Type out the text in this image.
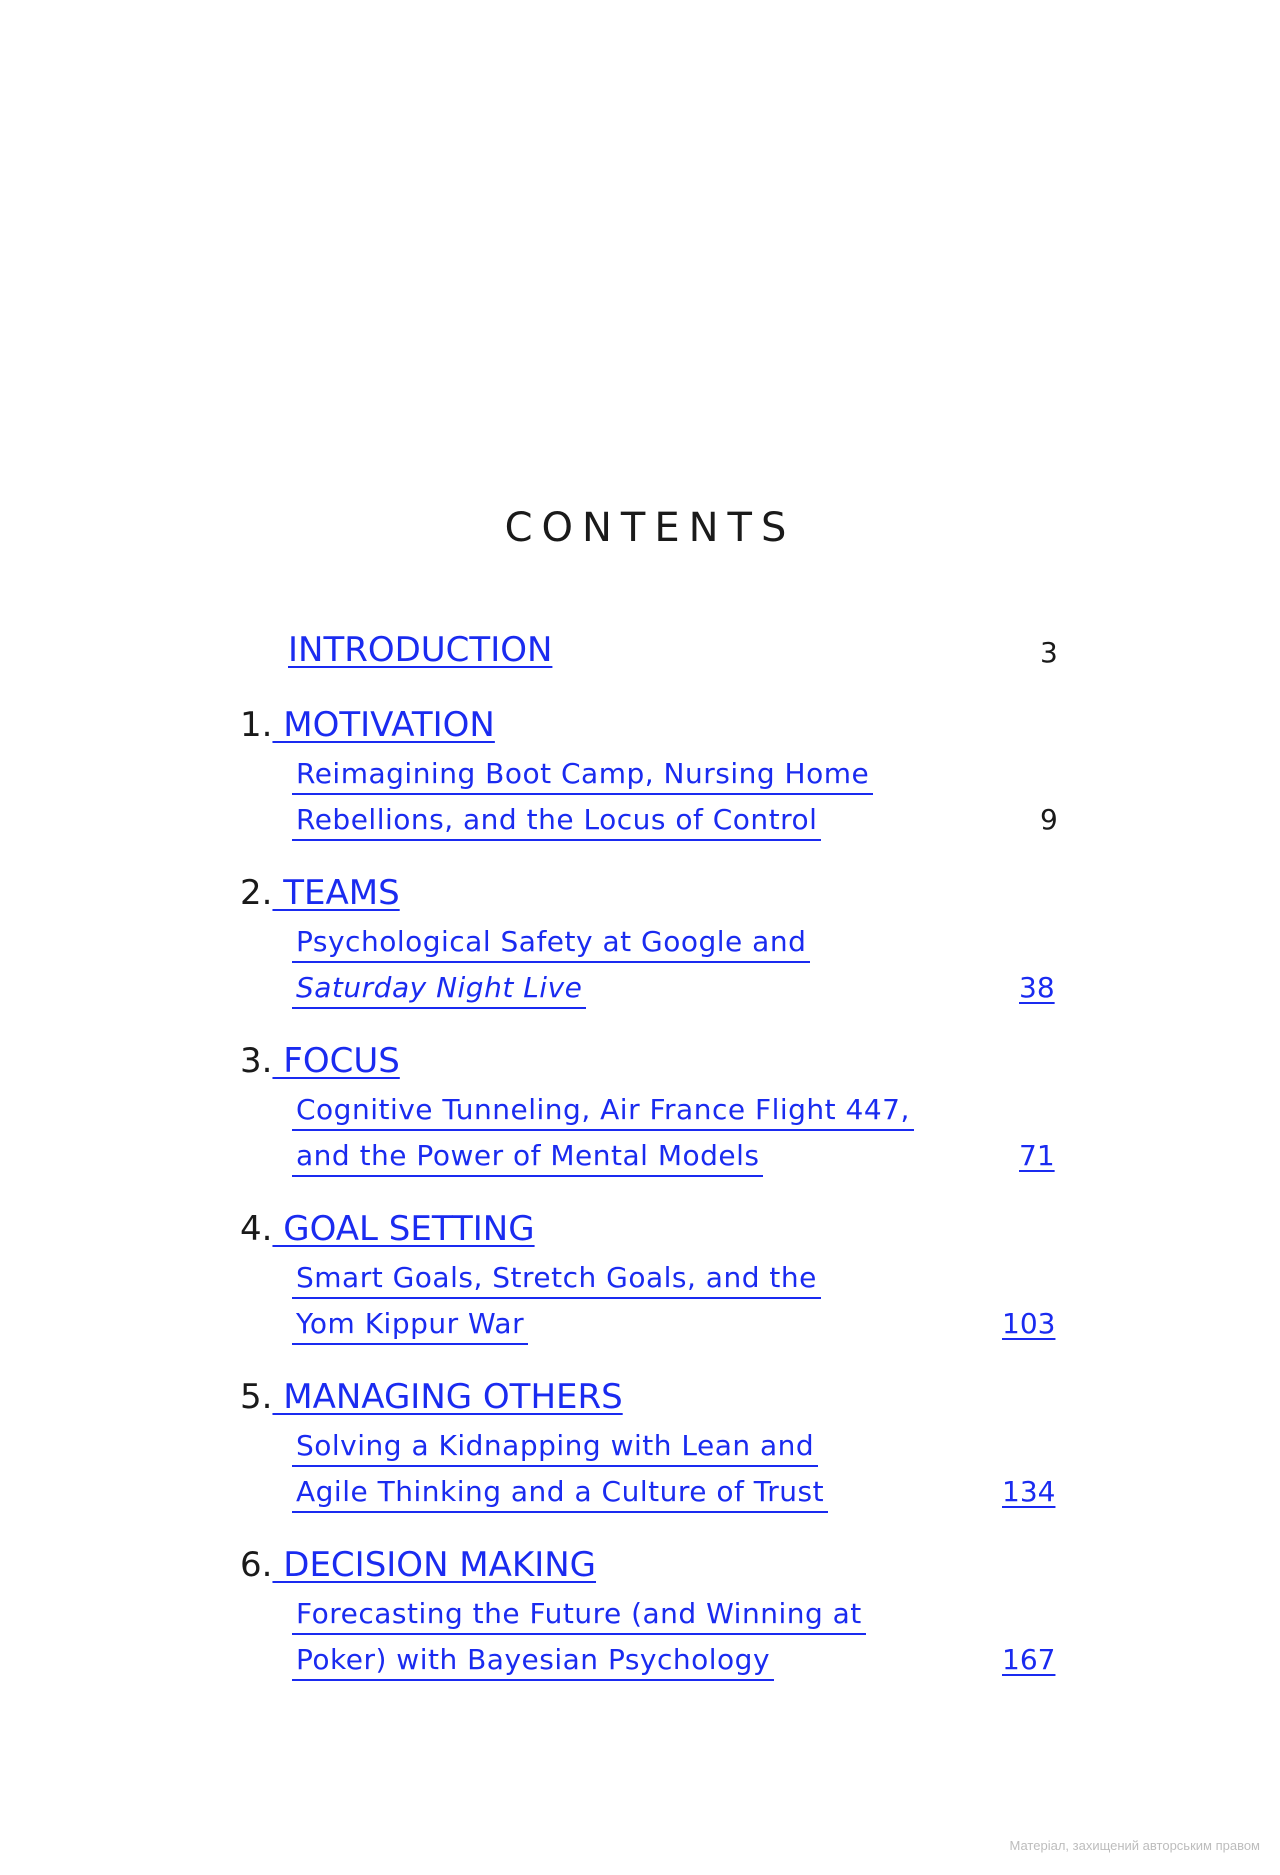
CONTENTS
INTRODUCTION	3
1. MOTIVATION
Reimagining Boot Camp, Nursing Home
Rebellions, and the Locus of Control	9
2. TEAMS
Psychological Safety at Google and
Saturday Night Live	38
3. FOCUS
Cognitive Tunneling, Air France Flight 447,
and the Power of Mental Models	71
4. GOAL SETTING
Smart Goals, Stretch Goals, and the
Yom Kippur War	103
5. MANAGING OTHERS
Solving a Kidnapping with Lean and
Agile Thinking and a Culture of Trust	134
6. DECISION MAKING
Forecasting the Future (and Winning at
Poker) with Bayesian Psychology	167
Матеріал, захищений авторським правом
